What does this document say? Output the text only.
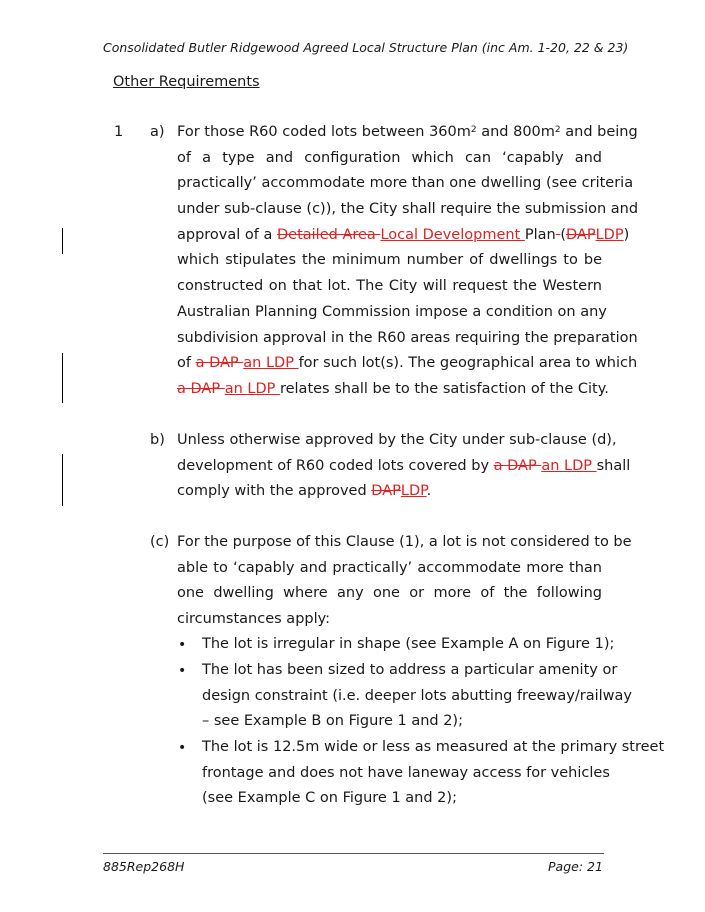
Consolidated Butler Ridgewood Agreed Local Structure Plan (inc Am. 1-20, 22 & 23)
Other Requirements
1 a) For those R60 coded lots between $360m^2$ and $800m^2$ and being
of a type and configuration which can ‘capably and
practically’ accommodate more than one dwelling (see criteria
under sub-clause (c)), the City shall require the submission and
approval of a Detailed Area Local Development Plan (DAPLDP)
which stipulates the minimum number of dwellings to be
constructed on that lot. The City will request the Western
Australian Planning Commission impose a condition on any
subdivision approval in the R60 areas requiring the preparation
of a DAP an LDP for such lot(s). The geographical area to which
a DAP an LDP relates shall be to the satisfaction of the City.
b) Unless otherwise approved by the City under sub-clause (d),
development of R60 coded lots covered by a DAP an LDP shall
comply with the approved DAPLDP.
(c) For the purpose of this Clause (1), a lot is not considered to be
able to ‘capably and practically’ accommodate more than
one dwelling where any one or more of the following
circumstances apply:
• The lot is irregular in shape (see Example A on Figure 1);
• The lot has been sized to address a particular amenity or
design constraint (i.e. deeper lots abutting freeway/railway
– see Example B on Figure 1 and 2);
• The lot is 12.5m wide or less as measured at the primary street
frontage and does not have laneway access for vehicles
(see Example C on Figure 1 and 2);
885Rep268H	Page: 21
